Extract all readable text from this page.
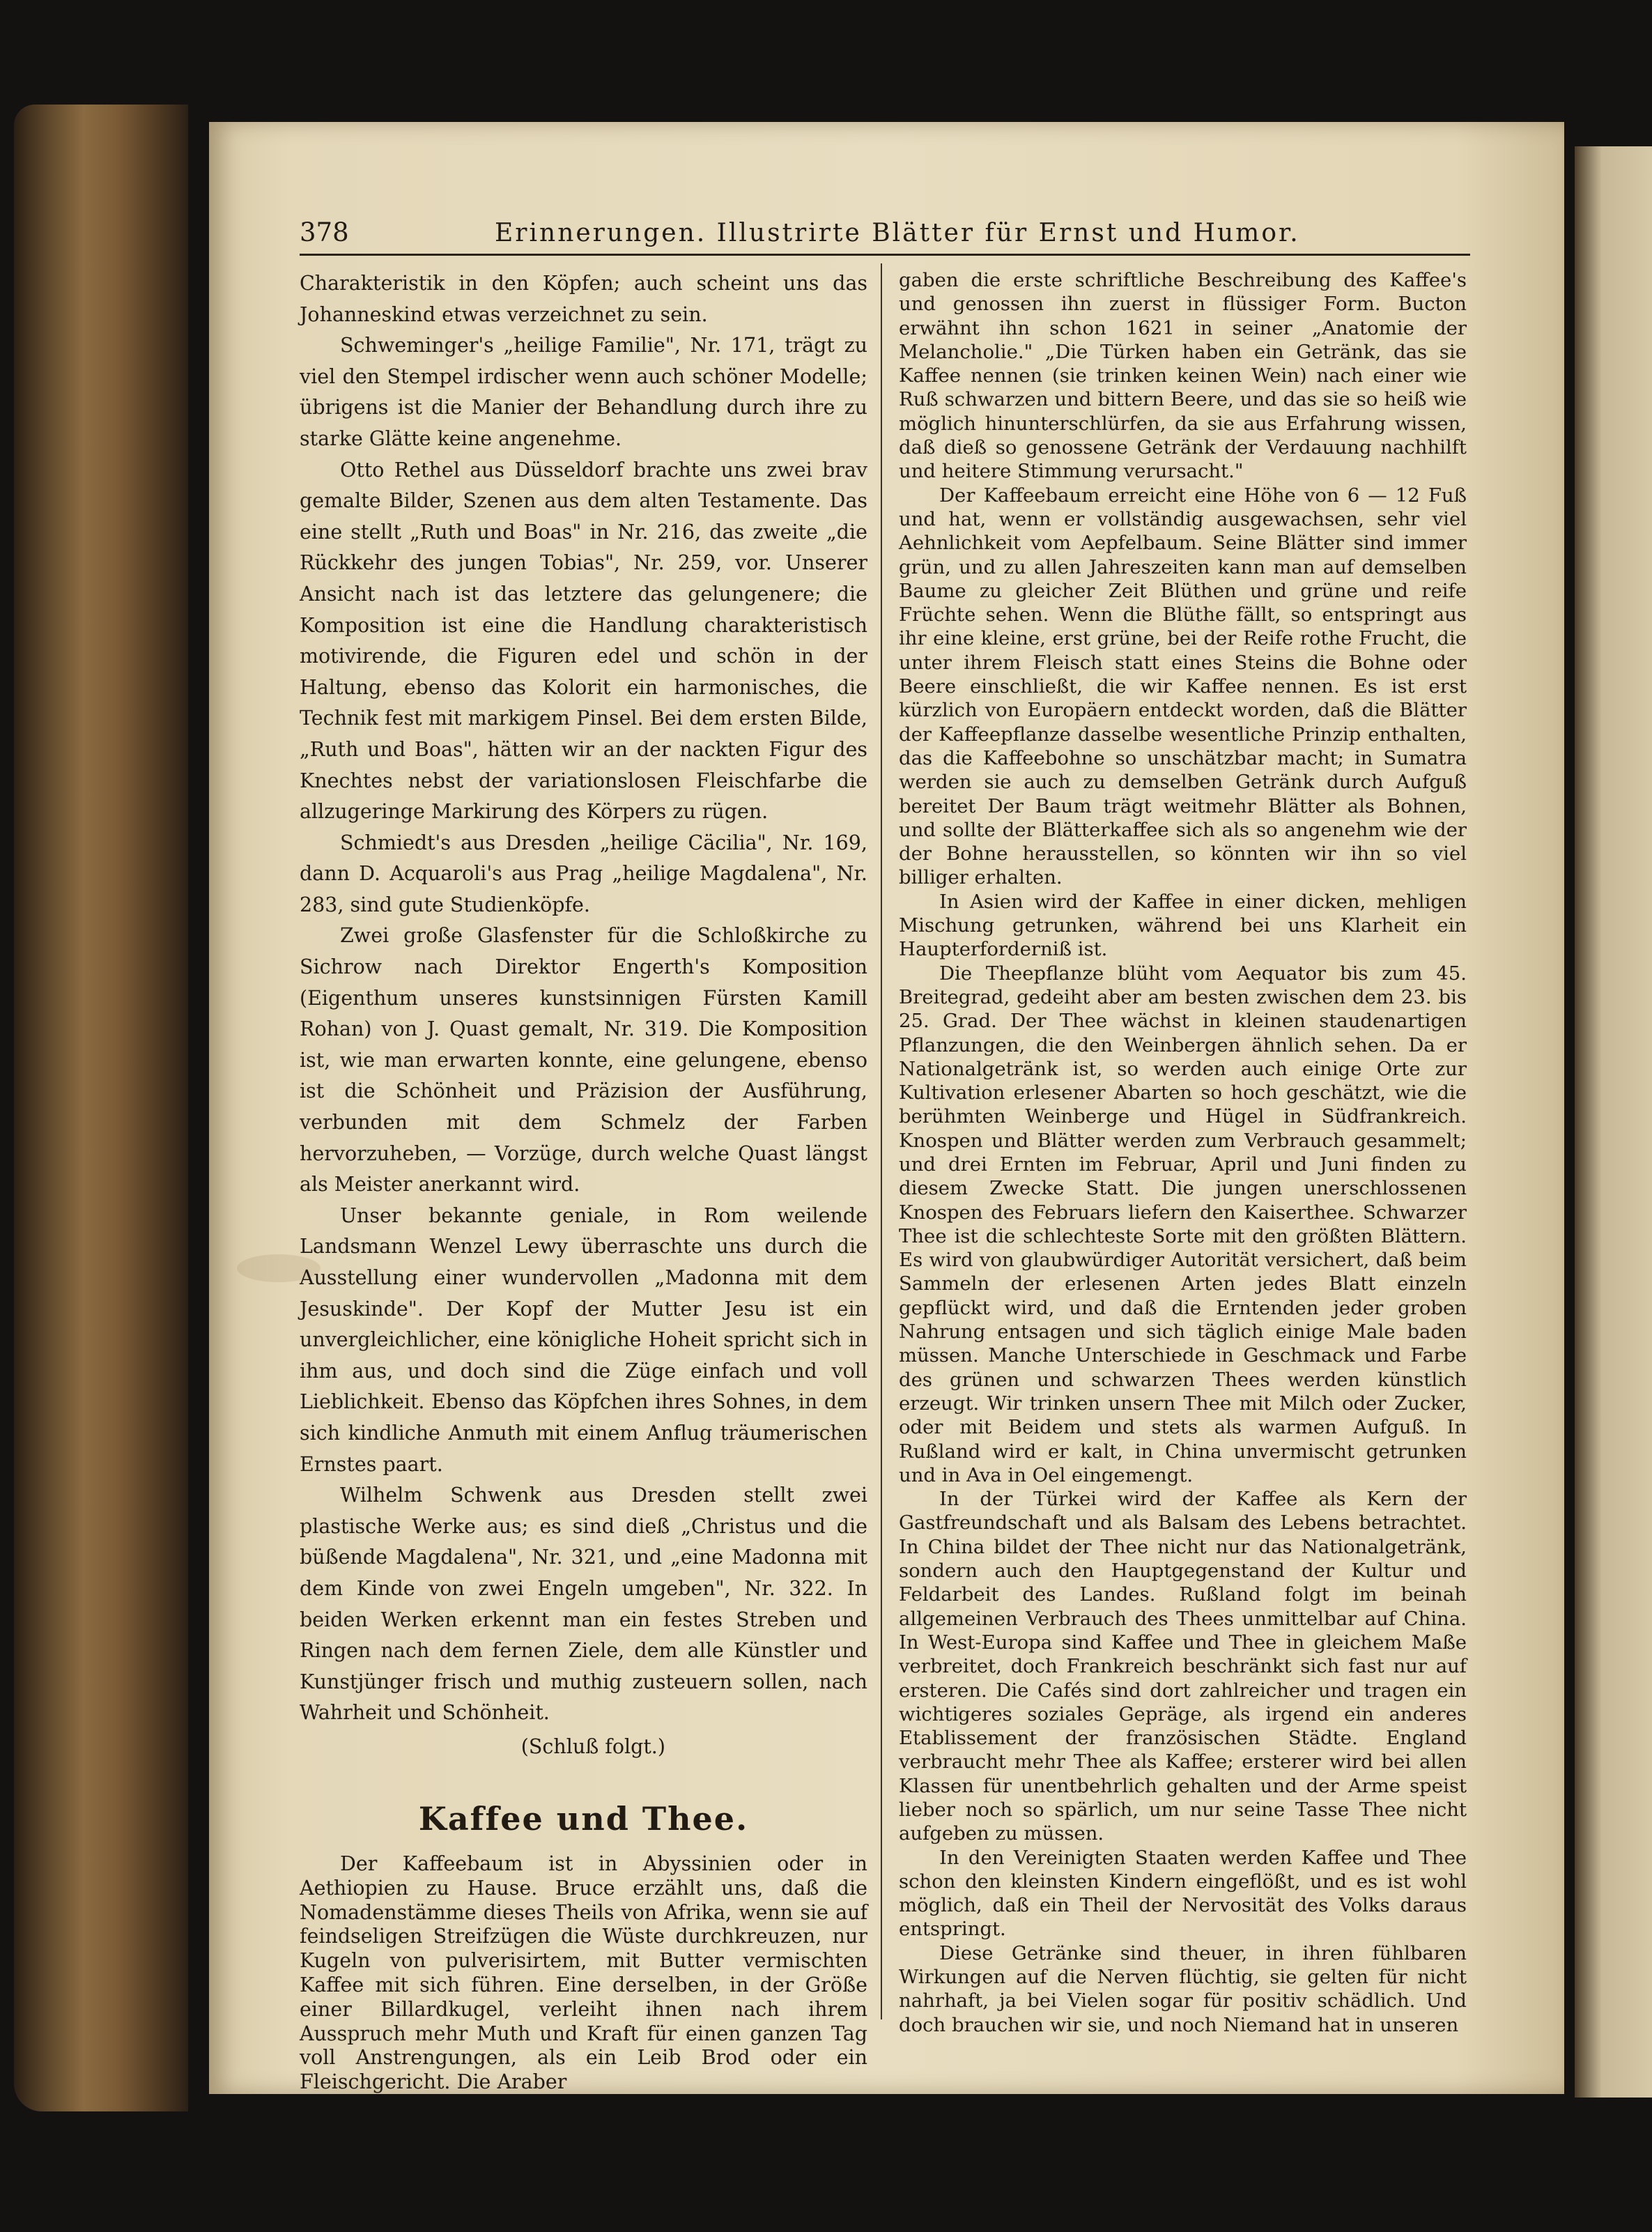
378	Erinnerungen. Illustrirte Blätter für Ernst und Humor.

Charakteristik in den Köpfen; auch scheint uns das Johanneskind etwas verzeichnet zu sein.

Schweminger's „heilige Familie", Nr. 171, trägt zu viel den Stempel irdischer wenn auch schöner Modelle; übrigens ist die Manier der Behandlung durch ihre zu starke Glätte keine angenehme.

Otto Rethel aus Düsseldorf brachte uns zwei brav gemalte Bilder, Szenen aus dem alten Testamente. Das eine stellt „Ruth und Boas" in Nr. 216, das zweite „die Rückkehr des jungen Tobias", Nr. 259, vor. Unserer Ansicht nach ist das letztere das gelungenere; die Komposition ist eine die Handlung charakteristisch motivirende, die Figuren edel und schön in der Haltung, ebenso das Kolorit ein harmonisches, die Technik fest mit markigem Pinsel. Bei dem ersten Bilde, „Ruth und Boas", hätten wir an der nackten Figur des Knechtes nebst der variationslosen Fleischfarbe die allzugeringe Markirung des Körpers zu rügen.

Schmiedt's aus Dresden „heilige Cäcilia", Nr. 169, dann D. Acquaroli's aus Prag „heilige Magdalena", Nr. 283, sind gute Studienköpfe.

Zwei große Glasfenster für die Schloßkirche zu Sichrow nach Direktor Engerth's Komposition (Eigenthum unseres kunstsinnigen Fürsten Kamill Rohan) von J. Quast gemalt, Nr. 319. Die Komposition ist, wie man erwarten konnte, eine gelungene, ebenso ist die Schönheit und Präzision der Ausführung, verbunden mit dem Schmelz der Farben hervorzuheben, — Vorzüge, durch welche Quast längst als Meister anerkannt wird.

Unser bekannte geniale, in Rom weilende Landsmann Wenzel Lewy überraschte uns durch die Ausstellung einer wundervollen „Madonna mit dem Jesuskinde". Der Kopf der Mutter Jesu ist ein unvergleichlicher, eine königliche Hoheit spricht sich in ihm aus, und doch sind die Züge einfach und voll Lieblichkeit. Ebenso das Köpfchen ihres Sohnes, in dem sich kindliche Anmuth mit einem Anflug träumerischen Ernstes paart.

Wilhelm Schwenk aus Dresden stellt zwei plastische Werke aus; es sind dieß „Christus und die büßende Magdalena", Nr. 321, und „eine Madonna mit dem Kinde von zwei Engeln umgeben", Nr. 322. In beiden Werken erkennt man ein festes Streben und Ringen nach dem fernen Ziele, dem alle Künstler und Kunstjünger frisch und muthig zusteuern sollen, nach Wahrheit und Schönheit.

(Schluß folgt.)

Kaffee und Thee.

Der Kaffeebaum ist in Abyssinien oder in Aethiopien zu Hause. Bruce erzählt uns, daß die Nomadenstämme dieses Theils von Afrika, wenn sie auf feindseligen Streifzügen die Wüste durchkreuzen, nur Kugeln von pulverisirtem, mit Butter vermischten Kaffee mit sich führen. Eine derselben, in der Größe einer Billardkugel, verleiht ihnen nach ihrem Ausspruch mehr Muth und Kraft für einen ganzen Tag voll Anstrengungen, als ein Leib Brod oder ein Fleischgericht. Die Araber

gaben die erste schriftliche Beschreibung des Kaffee's und genossen ihn zuerst in flüssiger Form. Bucton erwähnt ihn schon 1621 in seiner „Anatomie der Melancholie." „Die Türken haben ein Getränk, das sie Kaffee nennen (sie trinken keinen Wein) nach einer wie Ruß schwarzen und bittern Beere, und das sie so heiß wie möglich hinunterschlürfen, da sie aus Erfahrung wissen, daß dieß so genossene Getränk der Verdauung nachhilft und heitere Stimmung verursacht."

Der Kaffeebaum erreicht eine Höhe von 6 — 12 Fuß und hat, wenn er vollständig ausgewachsen, sehr viel Aehnlichkeit vom Aepfelbaum. Seine Blätter sind immer grün, und zu allen Jahreszeiten kann man auf demselben Baume zu gleicher Zeit Blüthen und grüne und reife Früchte sehen. Wenn die Blüthe fällt, so entspringt aus ihr eine kleine, erst grüne, bei der Reife rothe Frucht, die unter ihrem Fleisch statt eines Steins die Bohne oder Beere einschließt, die wir Kaffee nennen. Es ist erst kürzlich von Europäern entdeckt worden, daß die Blätter der Kaffeepflanze dasselbe wesentliche Prinzip enthalten, das die Kaffeebohne so unschätzbar macht; in Sumatra werden sie auch zu demselben Getränk durch Aufguß bereitet Der Baum trägt weitmehr Blätter als Bohnen, und sollte der Blätterkaffee sich als so angenehm wie der der Bohne herausstellen, so könnten wir ihn so viel billiger erhalten.

In Asien wird der Kaffee in einer dicken, mehligen Mischung getrunken, während bei uns Klarheit ein Haupterforderniß ist.

Die Theepflanze blüht vom Aequator bis zum 45. Breitegrad, gedeiht aber am besten zwischen dem 23. bis 25. Grad. Der Thee wächst in kleinen staudenartigen Pflanzungen, die den Weinbergen ähnlich sehen. Da er Nationalgetränk ist, so werden auch einige Orte zur Kultivation erlesener Abarten so hoch geschätzt, wie die berühmten Weinberge und Hügel in Südfrankreich. Knospen und Blätter werden zum Verbrauch gesammelt; und drei Ernten im Februar, April und Juni finden zu diesem Zwecke Statt. Die jungen unerschlossenen Knospen des Februars liefern den Kaiserthee. Schwarzer Thee ist die schlechteste Sorte mit den größten Blättern. Es wird von glaubwürdiger Autorität versichert, daß beim Sammeln der erlesenen Arten jedes Blatt einzeln gepflückt wird, und daß die Erntenden jeder groben Nahrung entsagen und sich täglich einige Male baden müssen. Manche Unterschiede in Geschmack und Farbe des grünen und schwarzen Thees werden künstlich erzeugt. Wir trinken unsern Thee mit Milch oder Zucker, oder mit Beidem und stets als warmen Aufguß. In Rußland wird er kalt, in China unvermischt getrunken und in Ava in Oel eingemengt.

In der Türkei wird der Kaffee als Kern der Gastfreundschaft und als Balsam des Lebens betrachtet. In China bildet der Thee nicht nur das Nationalgetränk, sondern auch den Hauptgegenstand der Kultur und Feldarbeit des Landes. Rußland folgt im beinah allgemeinen Verbrauch des Thees unmittelbar auf China. In West-Europa sind Kaffee und Thee in gleichem Maße verbreitet, doch Frankreich beschränkt sich fast nur auf ersteren. Die Cafés sind dort zahlreicher und tragen ein wichtigeres soziales Gepräge, als irgend ein anderes Etablissement der französischen Städte. England verbraucht mehr Thee als Kaffee; ersterer wird bei allen Klassen für unentbehrlich gehalten und der Arme speist lieber noch so spärlich, um nur seine Tasse Thee nicht aufgeben zu müssen.

In den Vereinigten Staaten werden Kaffee und Thee schon den kleinsten Kindern eingeflößt, und es ist wohl möglich, daß ein Theil der Nervosität des Volks daraus entspringt.

Diese Getränke sind theuer, in ihren fühlbaren Wirkungen auf die Nerven flüchtig, sie gelten für nicht nahrhaft, ja bei Vielen sogar für positiv schädlich. Und doch brauchen wir sie, und noch Niemand hat in unseren
